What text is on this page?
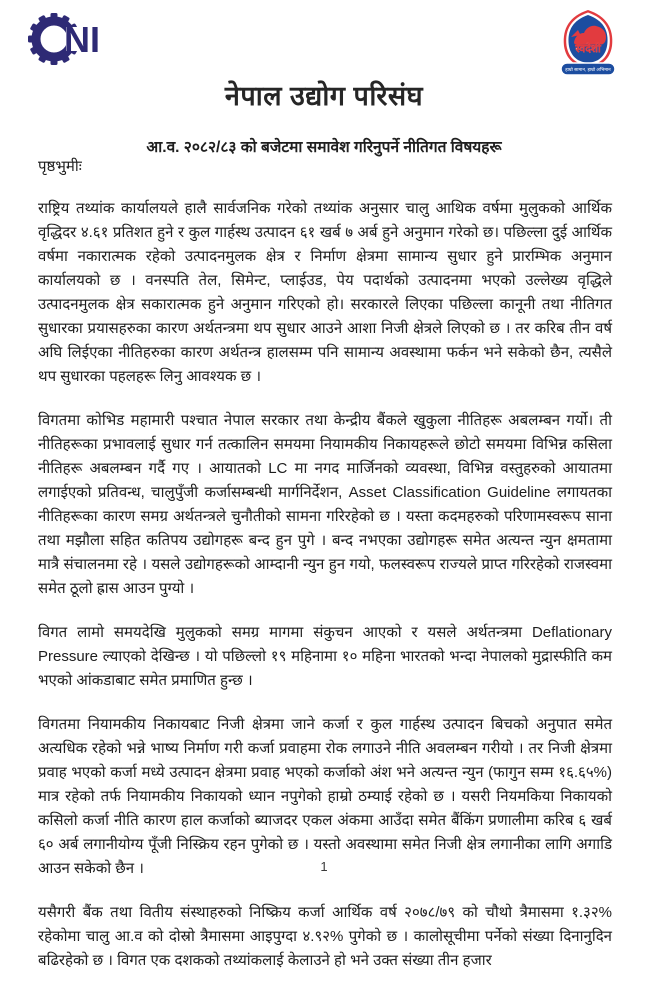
NI	स्वदेशी
हाम्रो सामान, हाम्रो अभिमान
नेपाल उद्योग परिसंघ
आ.व. २०८२/८३ को बजेटमा समावेश गरिनुपर्ने नीतिगत विषयहरू
पृष्ठभुमीः

राष्ट्रिय तथ्यांक कार्यालयले हालै सार्वजनिक गरेको तथ्यांक अनुसार चालु आथिक वर्षमा मुलुकको आर्थिक वृद्धिदर ४.६१ प्रतिशत हुने र कुल गार्हस्थ उत्पादन ६१ खर्ब ७ अर्ब हुने अनुमान गरेको छ। पछिल्ला दुई आर्थिक वर्षमा नकारात्मक रहेको उत्पादनमुलक क्षेत्र र निर्माण क्षेत्रमा सामान्य सुधार हुने प्रारम्भिक अनुमान कार्यालयको छ । वनस्पति तेल, सिमेन्ट, प्लाईउड, पेय पदार्थको उत्पादनमा भएको उल्लेख्य वृद्धिले उत्पादनमुलक क्षेत्र सकारात्मक हुने अनुमान गरिएको हो। सरकारले लिएका पछिल्ला कानूनी तथा नीतिगत सुधारका प्रयासहरुका कारण अर्थतन्त्रमा थप सुधार आउने आशा निजी क्षेत्रले लिएको छ । तर करिब तीन वर्ष अघि लिईएका नीतिहरुका कारण अर्थतन्त्र हालसम्म पनि सामान्य अवस्थामा फर्कन भने सकेको छैन, त्यसैले थप सुधारका पहलहरू लिनु आवश्यक छ ।

विगतमा कोभिड महामारी पश्चात नेपाल सरकार तथा केन्द्रीय बैंकले खुकुला नीतिहरू अबलम्बन गर्यो। ती नीतिहरूका प्रभावलाई सुधार गर्न तत्कालिन समयमा नियामकीय निकायहरूले छोटो समयमा विभिन्न कसिला नीतिहरू अबलम्बन गर्दै गए । आयातको LC मा नगद मार्जिनको व्यवस्था, विभिन्न वस्तुहरुको आयातमा लगाईएको प्रतिवन्ध, चालुपुँजी कर्जासम्बन्धी मार्गनिर्देशन, Asset Classification Guideline लगायतका नीतिहरूका कारण समग्र अर्थतन्त्रले चुनौतीको सामना गरिरहेको छ । यस्ता कदमहरुको परिणामस्वरूप साना तथा मझौला सहित कतिपय उद्योगहरू बन्द हुन पुगे । बन्द नभएका उद्योगहरू समेत अत्यन्त न्युन क्षमतामा मात्रै संचालनमा रहे । यसले उद्योगहरूको आम्दानी न्युन हुन गयो, फलस्वरूप राज्यले प्राप्त गरिरहेको राजस्वमा समेत ठूलो ह्रास आउन पुग्यो ।

विगत लामो समयदेखि मुलुकको समग्र मागमा संकुचन आएको र यसले अर्थतन्त्रमा Deflationary Pressure ल्याएको देखिन्छ । यो पछिल्लो १९ महिनामा १० महिना भारतको भन्दा नेपालको मुद्रास्फीति कम भएको आंकडाबाट समेत प्रमाणित हुन्छ ।

विगतमा नियामकीय निकायबाट निजी क्षेत्रमा जाने कर्जा र कुल गार्हस्थ उत्पादन बिचको अनुपात समेत अत्यधिक रहेको भन्ने भाष्य निर्माण गरी कर्जा प्रवाहमा रोक लगाउने नीति अवलम्बन गरीयो । तर निजी क्षेत्रमा प्रवाह भएको कर्जा मध्ये उत्पादन क्षेत्रमा प्रवाह भएको कर्जाको अंश भने अत्यन्त न्युन (फागुन सम्म १६.६५%) मात्र रहेको तर्फ नियामकीय निकायको ध्यान नपुगेको हाम्रो ठम्याई रहेको छ । यसरी नियमकिया निकायको कसिलो कर्जा नीति कारण हाल कर्जाको ब्याजदर एकल अंकमा आउँदा समेत बैंकिंग प्रणालीमा करिब ६ खर्ब ६० अर्ब लगानीयोग्य पूँजी निस्क्रिय रहन पुगेको छ । यस्तो अवस्थामा समेत निजी क्षेत्र लगानीका लागि अगाडि आउन सकेको छैन ।

यसैगरी बैंक तथा वितीय संस्थाहरुको निष्क्रिय कर्जा आर्थिक वर्ष २०७८/७९ को चौथो त्रैमासमा १.३२% रहेकोमा चालु आ.व को दोस्रो त्रैमासमा आइपुग्दा ४.९२% पुगेको छ । कालोसूचीमा पर्नेको संख्या दिनानुदिन बढिरहेको छ । विगत एक दशकको तथ्यांकलाई केलाउने हो भने उक्त संख्या तीन हजार

1
